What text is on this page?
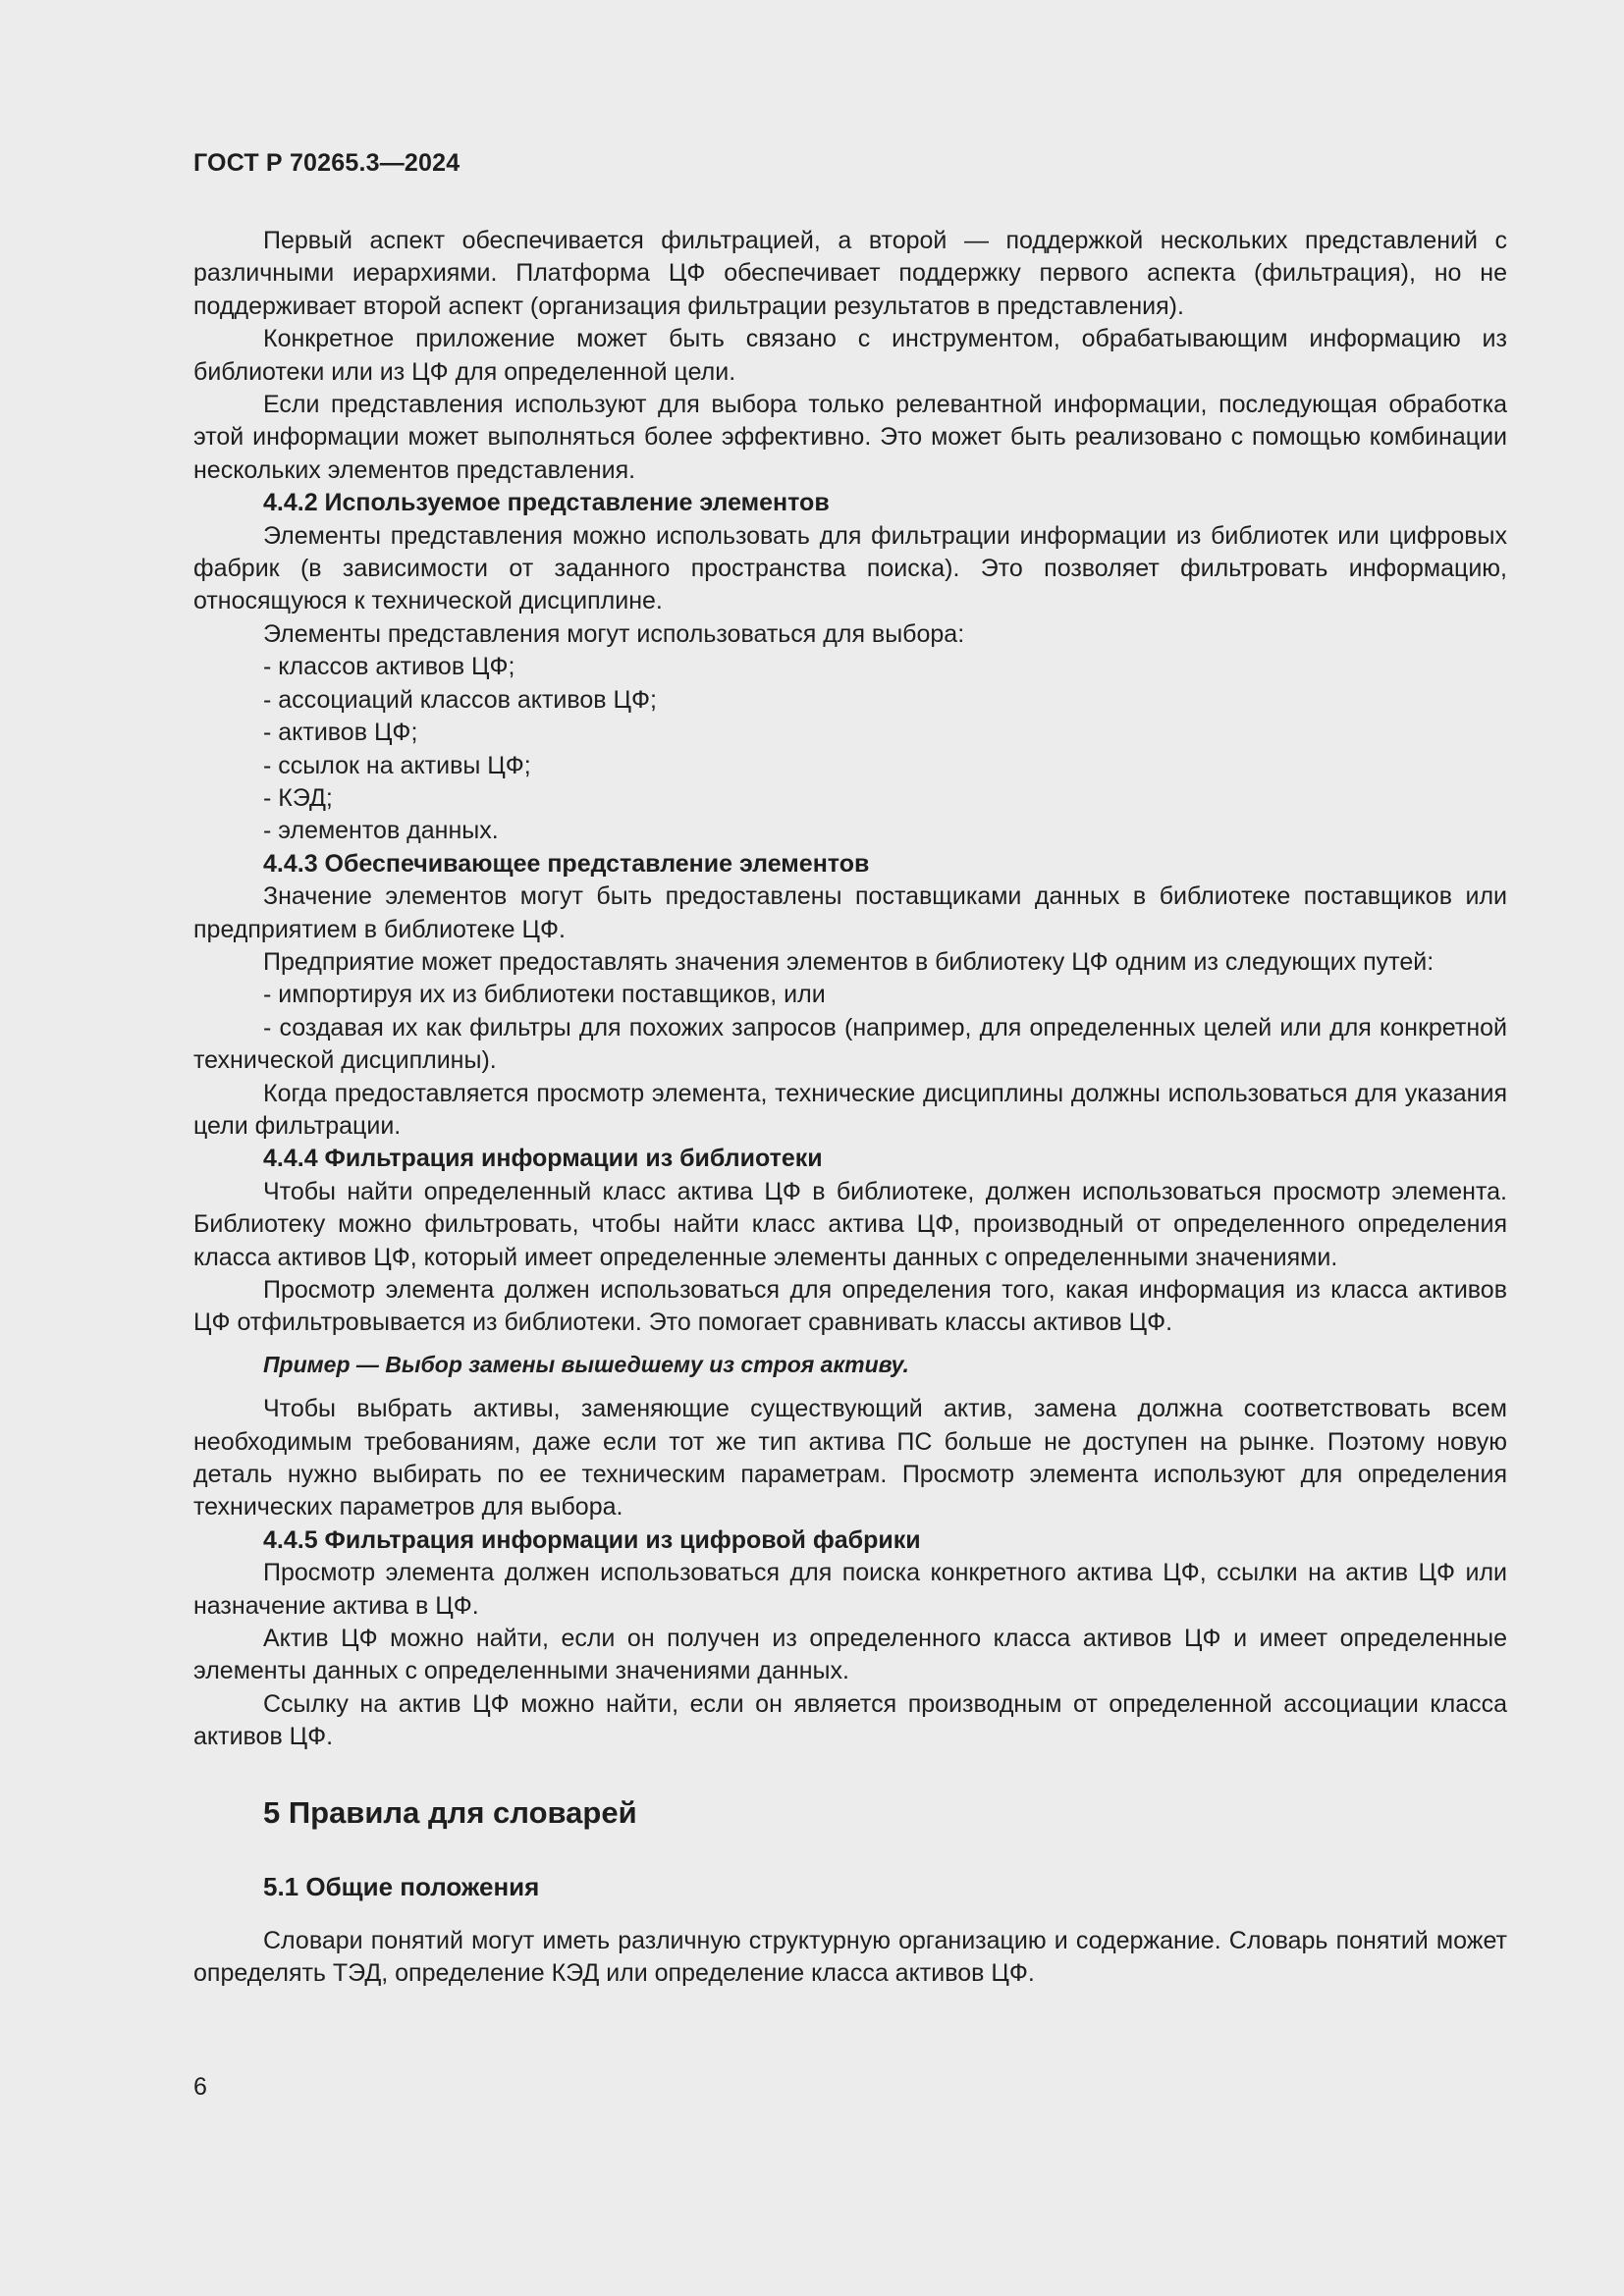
ГОСТ Р 70265.3—2024

Первый аспект обеспечивается фильтрацией, а второй — поддержкой нескольких представлений с различными иерархиями. Платформа ЦФ обеспечивает поддержку первого аспекта (фильтрация), но не поддерживает второй аспект (организация фильтрации результатов в представления).

Конкретное приложение может быть связано с инструментом, обрабатывающим информацию из библиотеки или из ЦФ для определенной цели.

Если представления используют для выбора только релевантной информации, последующая обработка этой информации может выполняться более эффективно. Это может быть реализовано с помощью комбинации нескольких элементов представления.

4.4.2 Используемое представление элементов

Элементы представления можно использовать для фильтрации информации из библиотек или цифровых фабрик (в зависимости от заданного пространства поиска). Это позволяет фильтровать информацию, относящуюся к технической дисциплине.

Элементы представления могут использоваться для выбора:

- классов активов ЦФ;

- ассоциаций классов активов ЦФ;

- активов ЦФ;

- ссылок на активы ЦФ;

- КЭД;

- элементов данных.

4.4.3 Обеспечивающее представление элементов

Значение элементов могут быть предоставлены поставщиками данных в библиотеке поставщиков или предприятием в библиотеке ЦФ.

Предприятие может предоставлять значения элементов в библиотеку ЦФ одним из следующих путей:

- импортируя их из библиотеки поставщиков, или

- создавая их как фильтры для похожих запросов (например, для определенных целей или для конкретной технической дисциплины).

Когда предоставляется просмотр элемента, технические дисциплины должны использоваться для указания цели фильтрации.

4.4.4 Фильтрация информации из библиотеки

Чтобы найти определенный класс актива ЦФ в библиотеке, должен использоваться просмотр элемента. Библиотеку можно фильтровать, чтобы найти класс актива ЦФ, производный от определенного определения класса активов ЦФ, который имеет определенные элементы данных с определенными значениями.

Просмотр элемента должен использоваться для определения того, какая информация из класса активов ЦФ отфильтровывается из библиотеки. Это помогает сравнивать классы активов ЦФ.

Пример — Выбор замены вышедшему из строя активу.

Чтобы выбрать активы, заменяющие существующий актив, замена должна соответствовать всем необходимым требованиям, даже если тот же тип актива ПС больше не доступен на рынке. Поэтому новую деталь нужно выбирать по ее техническим параметрам. Просмотр элемента используют для определения технических параметров для выбора.

4.4.5 Фильтрация информации из цифровой фабрики

Просмотр элемента должен использоваться для поиска конкретного актива ЦФ, ссылки на актив ЦФ или назначение актива в ЦФ.

Актив ЦФ можно найти, если он получен из определенного класса активов ЦФ и имеет определенные элементы данных с определенными значениями данных.

Ссылку на актив ЦФ можно найти, если он является производным от определенной ассоциации класса активов ЦФ.

5 Правила для словарей
5.1 Общие положения

Словари понятий могут иметь различную структурную организацию и содержание. Словарь понятий может определять ТЭД, определение КЭД или определение класса активов ЦФ.

6
